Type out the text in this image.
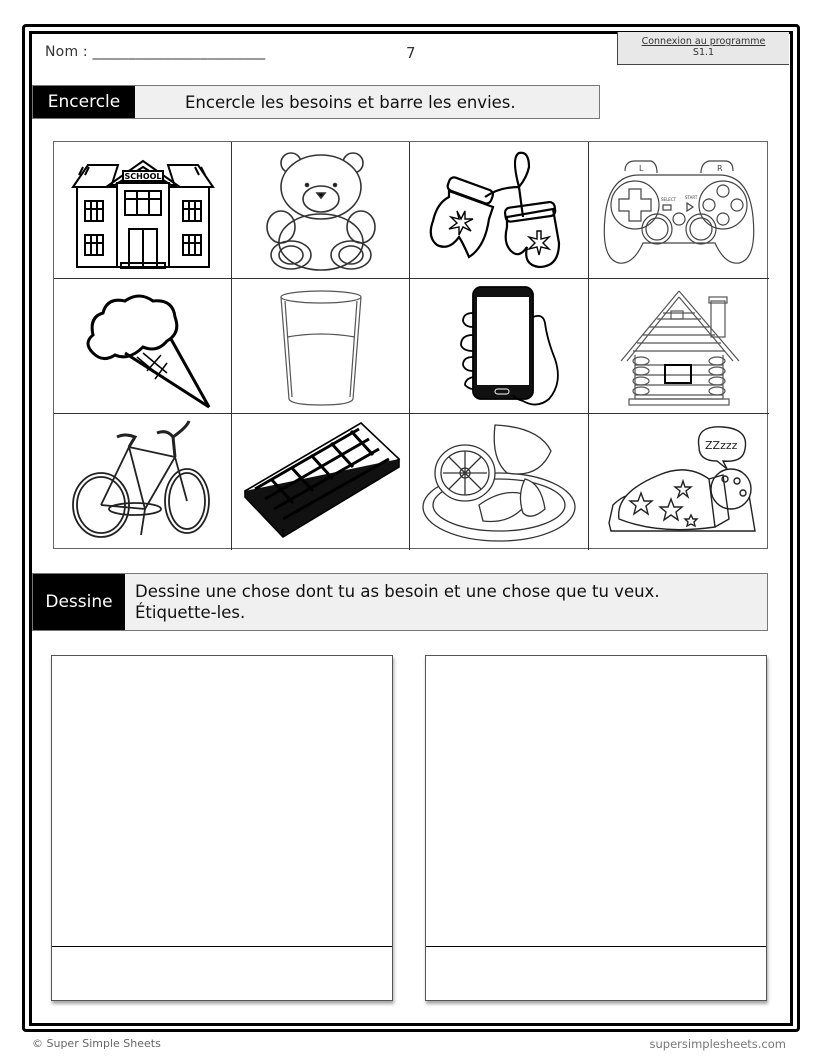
Nom : ________________________	7
Connexion au programme
S1.1
Encercle	Encercle les besoins et barre les envies.
SCHOOL
L	R
SELECT START
ZZzzz
Dessine
Dessine une chose dont tu as besoin et une chose que tu veux.
Étiquette-les.
© Super Simple Sheets	supersimplesheets.com
